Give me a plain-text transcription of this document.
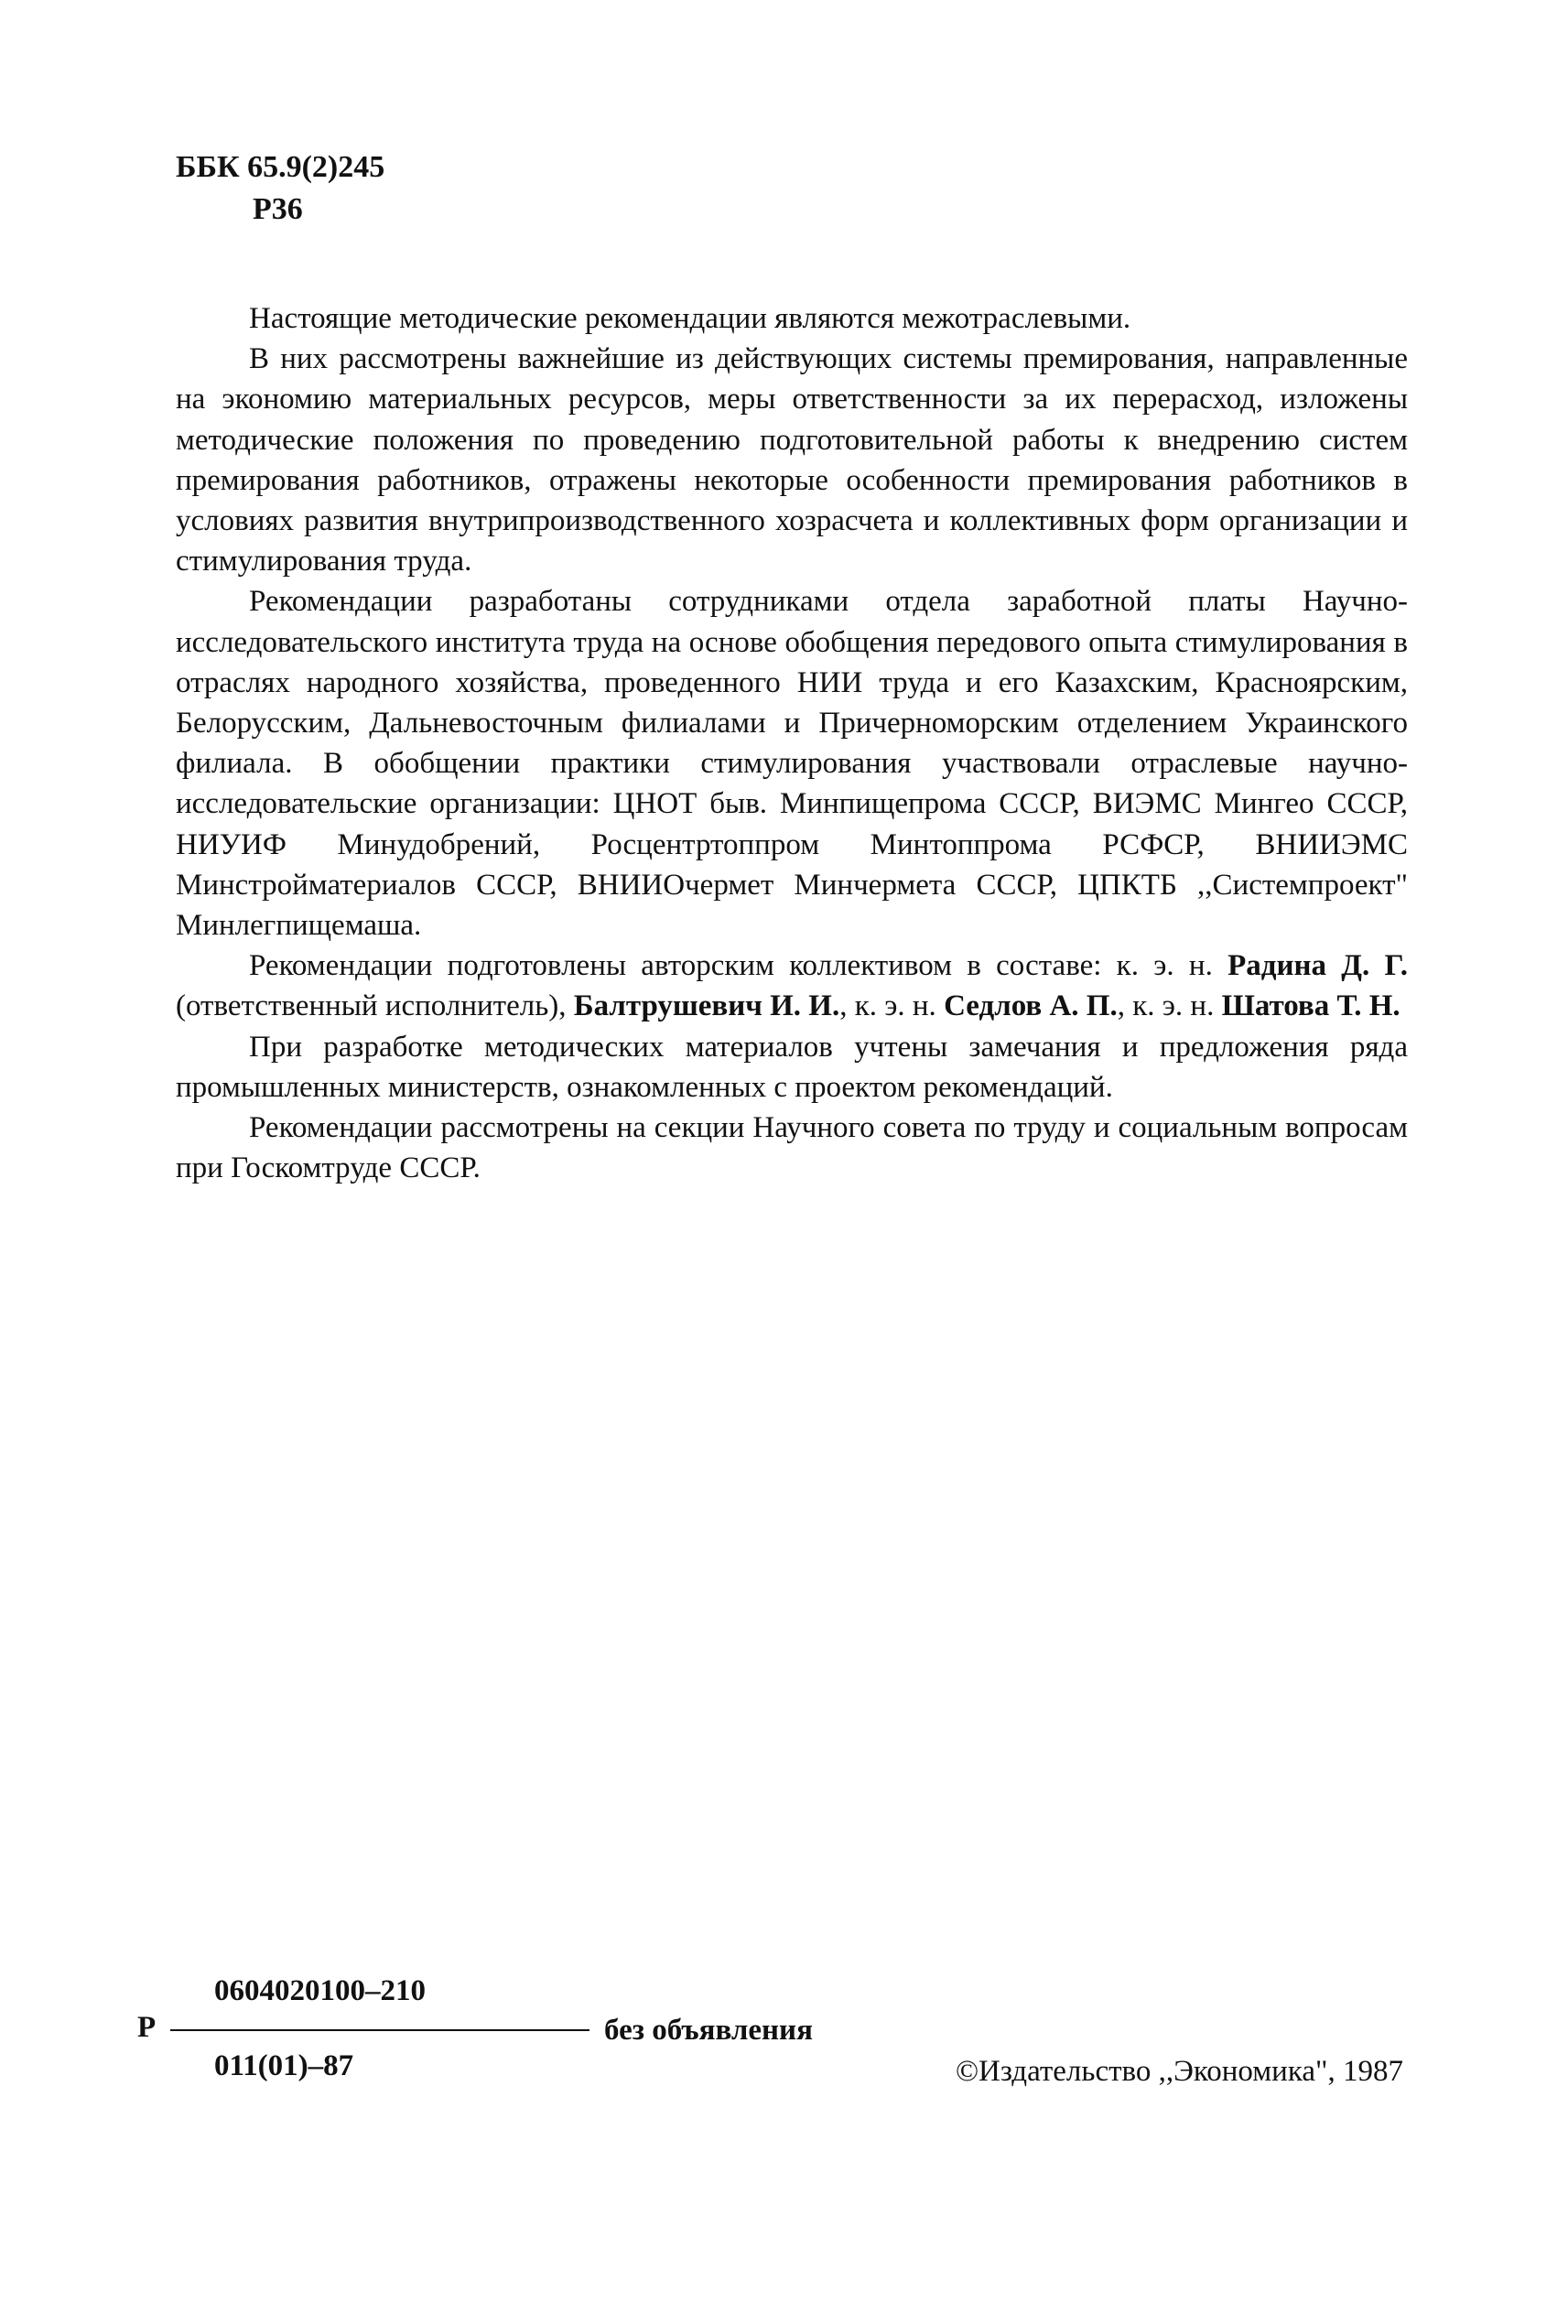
ББК 65.9(2)245
Р36

Настоящие методические рекомендации являются межотраслевыми.

В них рассмотрены важнейшие из действующих системы премирования, направленные на экономию материальных ресурсов, меры ответственности за их перерасход, изложены методические положения по проведению подготовительной работы к внедрению систем премирования работников, отражены некоторые особенности премирования работников в условиях развития внутрипроизводственного хозрасчета и коллективных форм организации и стимулирования труда.

Рекомендации разработаны сотрудниками отдела заработной платы Научно-исследовательского института труда на основе обобщения передового опыта стимулирования в отраслях народного хозяйства, проведенного НИИ труда и его Казахским, Красноярским, Белорусским, Дальневосточным филиалами и Причерноморским отделением Украинского филиала. В обобщении практики стимулирования участвовали отраслевые научно-исследовательские организации: ЦНОТ быв. Минпищепрома СССР, ВИЭМС Мингео СССР, НИУИФ Минудобрений, Росцентртоппром Минтоппрома РСФСР, ВНИИЭМС Минстройматериалов СССР, ВНИИОчермет Минчермета СССР, ЦПКТБ ,,Системпроект" Минлегпищемаша.

Рекомендации подготовлены авторским коллективом в составе: к. э. н. Радина Д. Г. (ответственный исполнитель), Балтрушевич И. И., к. э. н. Седлов А. П., к. э. н. Шатова Т. Н.

При разработке методических материалов учтены замечания и предложения ряда промышленных министерств, ознакомленных с проектом рекомендаций.

Рекомендации рассмотрены на секции Научного совета по труду и социальным вопросам при Госкомтруде СССР.

0604020100–210
Р	без объявления
011(01)–87	©Издательство ,,Экономика", 1987
